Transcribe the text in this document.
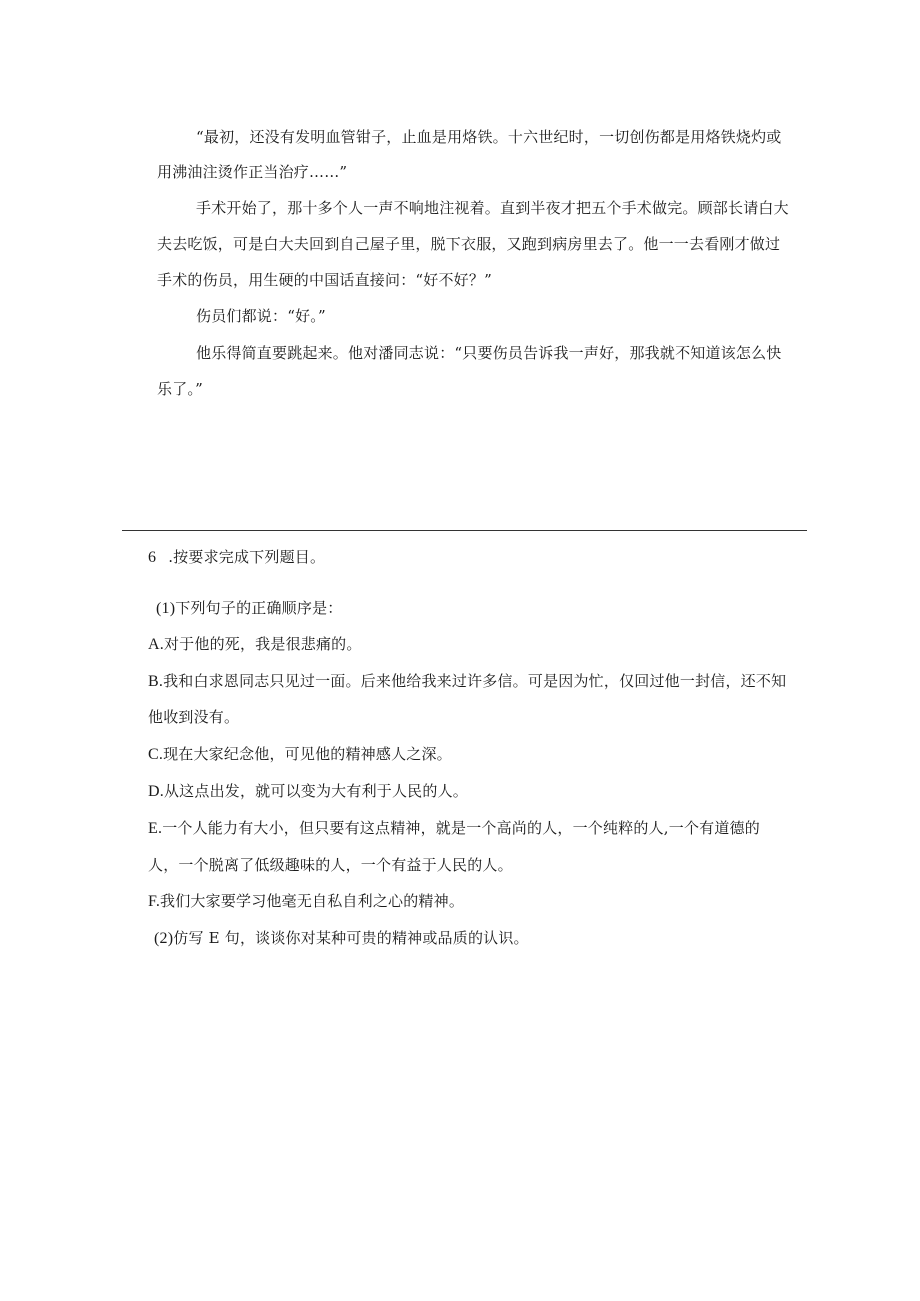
“最初，还没有发明血管钳子，止血是用烙铁。十六世纪时，一切创伤都是用烙铁烧灼或
用沸油注烫作正当治疗……”
手术开始了，那十多个人一声不响地注视着。直到半夜才把五个手术做完。顾部长请白大
夫去吃饭，可是白大夫回到自己屋子里，脱下衣服，又跑到病房里去了。他一一去看刚才做过
手术的伤员，用生硬的中国话直接问：“好不好？”
伤员们都说：“好。”
他乐得简直要跳起来。他对潘同志说：“只要伤员告诉我一声好，那我就不知道该怎么快
乐了。”
6 .按要求完成下列题目。
(1)下列句子的正确顺序是：
A.对于他的死，我是很悲痛的。
B.我和白求恩同志只见过一面。后来他给我来过许多信。可是因为忙，仅回过他一封信，还不知
他收到没有。
C.现在大家纪念他，可见他的精神感人之深。
D.从这点出发，就可以变为大有利于人民的人。
E.一个人能力有大小，但只要有这点精神，就是一个高尚的人，一个纯粹的人,一个有道德的
人，一个脱离了低级趣味的人，一个有益于人民的人。
F.我们大家要学习他毫无自私自利之心的精神。
(2)仿写 E 句，谈谈你对某种可贵的精神或品质的认识。
